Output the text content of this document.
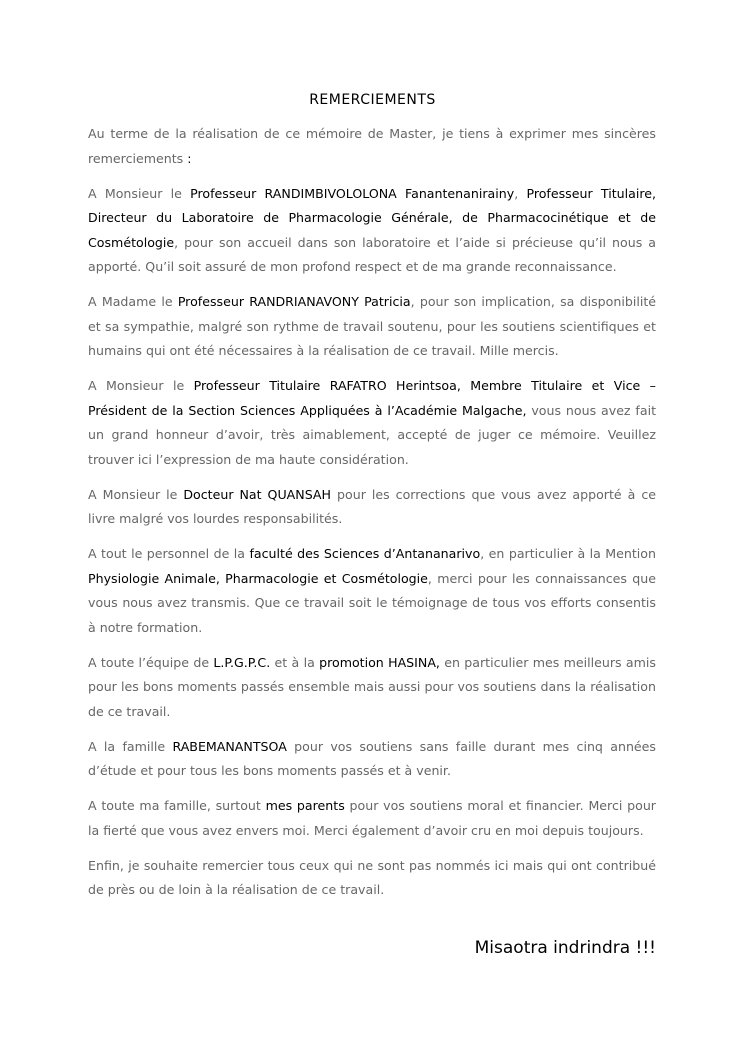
REMERCIEMENTS

Au terme de la réalisation de ce mémoire de Master, je tiens à exprimer mes sincères remerciements :

A Monsieur le Professeur RANDIMBIVOLOLONA Fanantenanirainy, Professeur Titulaire, Directeur du Laboratoire de Pharmacologie Générale, de Pharmacocinétique et de Cosmétologie, pour son accueil dans son laboratoire et l’aide si précieuse qu’il nous a apporté. Qu’il soit assuré de mon profond respect et de ma grande reconnaissance.

A Madame le Professeur RANDRIANAVONY Patricia, pour son implication, sa disponibilité et sa sympathie, malgré son rythme de travail soutenu, pour les soutiens scientifiques et humains qui ont été nécessaires à la réalisation de ce travail. Mille mercis.

A Monsieur le Professeur Titulaire RAFATRO Herintsoa, Membre Titulaire et Vice – Président de la Section Sciences Appliquées à l’Académie Malgache, vous nous avez fait un grand honneur d’avoir, très aimablement, accepté de juger ce mémoire. Veuillez trouver ici l’expression de ma haute considération.

A Monsieur le Docteur Nat QUANSAH pour les corrections que vous avez apporté à ce livre malgré vos lourdes responsabilités.

A tout le personnel de la faculté des Sciences d’Antananarivo, en particulier à la Mention Physiologie Animale, Pharmacologie et Cosmétologie, merci pour les connaissances que vous nous avez transmis. Que ce travail soit le témoignage de tous vos efforts consentis à notre formation.

A toute l’équipe de L.P.G.P.C. et à la promotion HASINA, en particulier mes meilleurs amis pour les bons moments passés ensemble mais aussi pour vos soutiens dans la réalisation de ce travail.

A la famille RABEMANANTSOA pour vos soutiens sans faille durant mes cinq années d’étude et pour tous les bons moments passés et à venir.

A toute ma famille, surtout mes parents pour vos soutiens moral et financier. Merci pour la fierté que vous avez envers moi. Merci également d’avoir cru en moi depuis toujours.

Enfin, je souhaite remercier tous ceux qui ne sont pas nommés ici mais qui ont contribué de près ou de loin à la réalisation de ce travail.

Misaotra indrindra !!!
